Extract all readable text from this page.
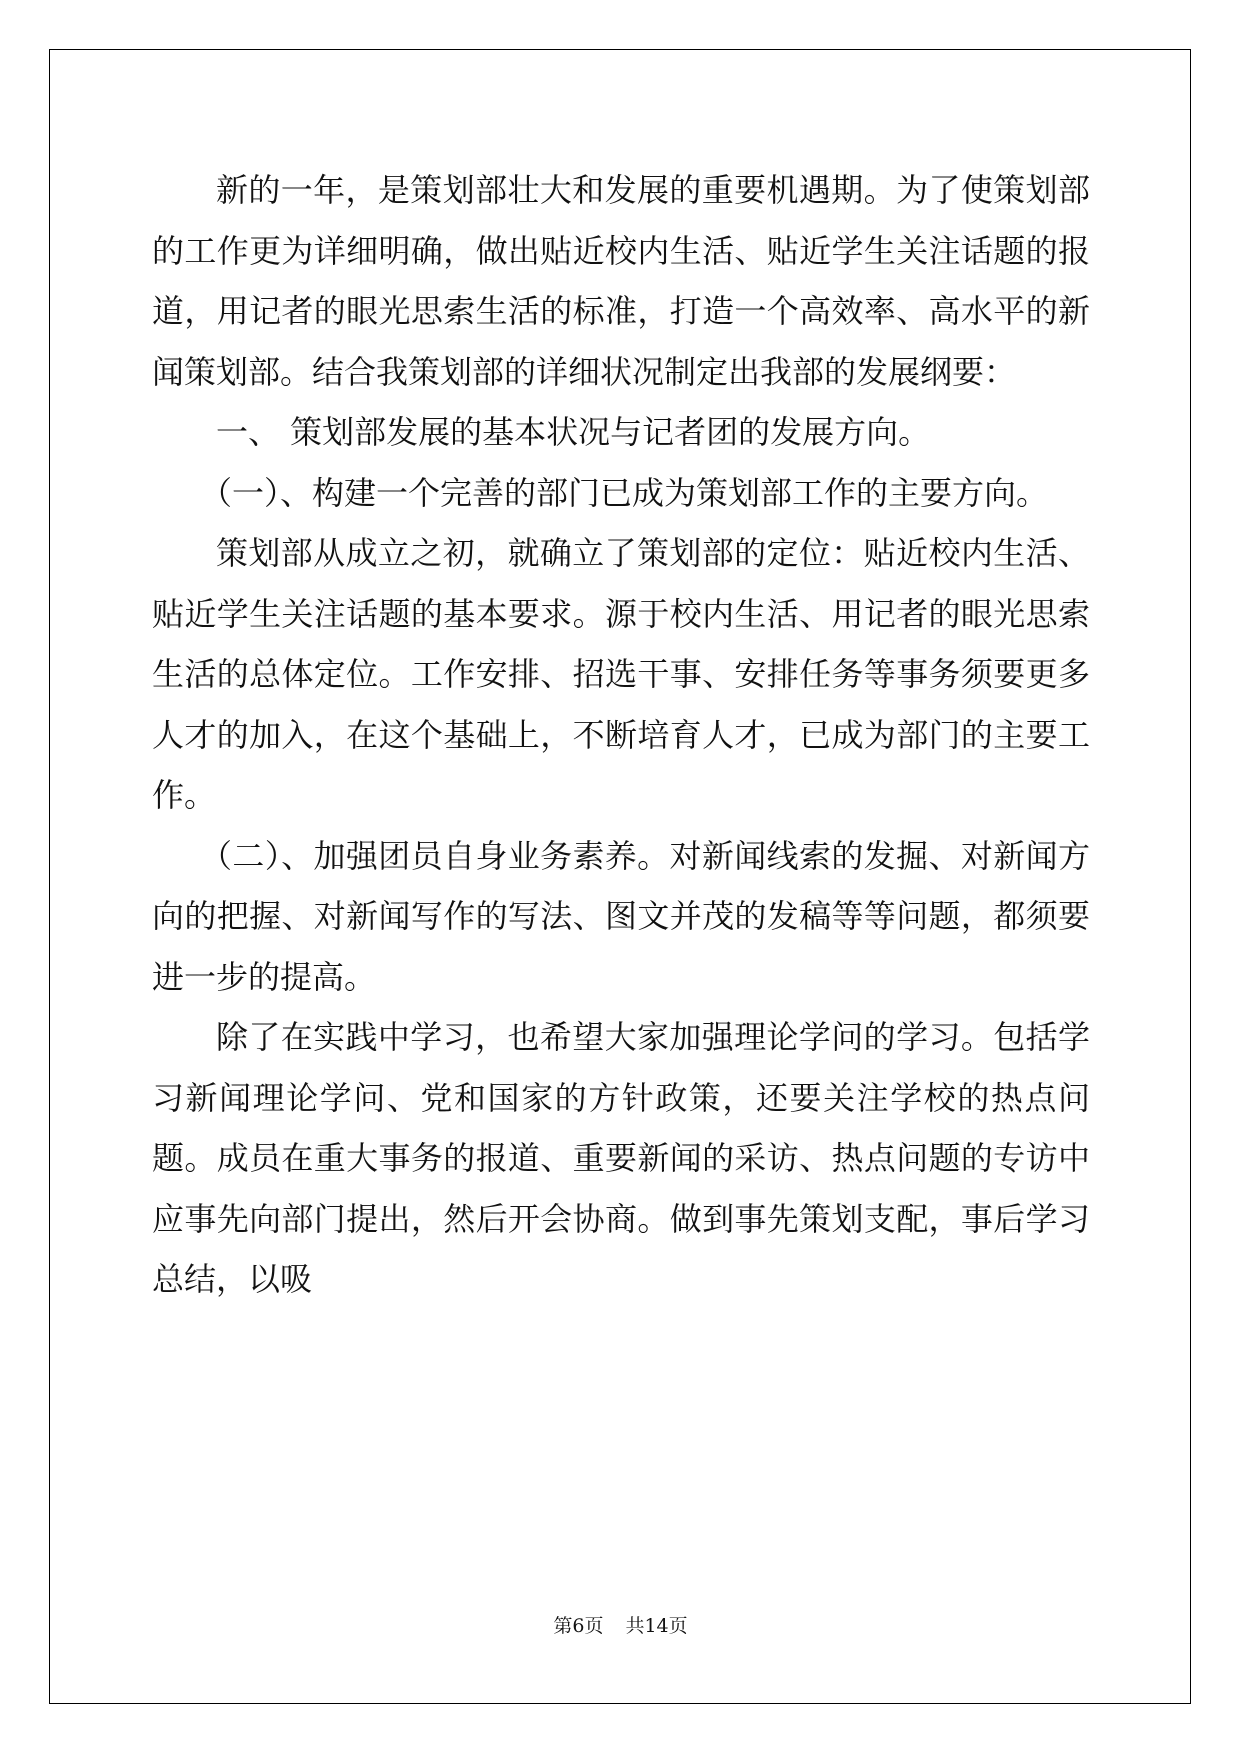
新的一年，是策划部壮大和发展的重要机遇期。为了使策划部的工作更为详细明确，做出贴近校内生活、贴近学生关注话题的报道，用记者的眼光思索生活的标准，打造一个高效率、高水平的新闻策划部。结合我策划部的详细状况制定出我部的发展纲要：

一、 策划部发展的基本状况与记者团的发展方向。

（一）、构建一个完善的部门已成为策划部工作的主要方向。

策划部从成立之初，就确立了策划部的定位：贴近校内生活、贴近学生关注话题的基本要求。源于校内生活、用记者的眼光思索生活的总体定位。工作安排、招选干事、安排任务等事务须要更多人才的加入，在这个基础上，不断培育人才，已成为部门的主要工作。

（二）、加强团员自身业务素养。对新闻线索的发掘、对新闻方向的把握、对新闻写作的写法、图文并茂的发稿等等问题，都须要进一步的提高。

除了在实践中学习，也希望大家加强理论学问的学习。包括学习新闻理论学问、党和国家的方针政策，还要关注学校的热点问题。成员在重大事务的报道、重要新闻的采访、热点问题的专访中应事先向部门提出，然后开会协商。做到事先策划支配，事后学习总结，以吸

第6页 共14页
